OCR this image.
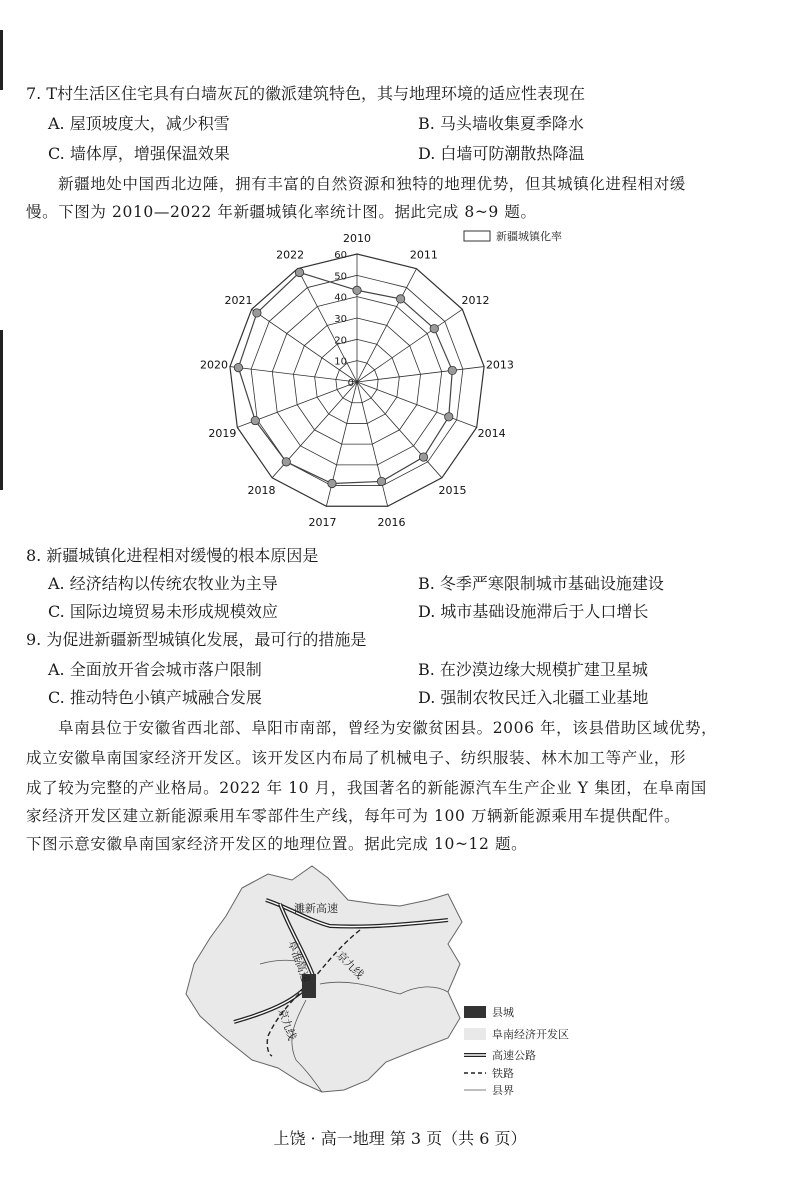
7. T村生活区住宅具有白墙灰瓦的徽派建筑特色，其与地理环境的适应性表现在
A. 屋顶坡度大，减少积雪	B. 马头墙收集夏季降水
C. 墙体厚，增强保温效果	D. 白墙可防潮散热降温
新疆地处中国西北边陲，拥有丰富的自然资源和独特的地理优势，但其城镇化进程相对缓
慢。下图为 2010—2022 年新疆城镇化率统计图。据此完成 8~9 题。
10
20
30
40
50
60
0
2010
2011
2012
2013
2014
2015
2016
2017
2018
2019
2020
2021
2022
新疆城镇化率
8. 新疆城镇化进程相对缓慢的根本原因是
A. 经济结构以传统农牧业为主导	B. 冬季严寒限制城市基础设施建设
C. 国际边境贸易未形成规模效应	D. 城市基础设施滞后于人口增长
9. 为促进新疆新型城镇化发展，最可行的措施是
A. 全面放开省会城市落户限制	B. 在沙漠边缘大规模扩建卫星城
C. 推动特色小镇产城融合发展	D. 强制农牧民迁入北疆工业基地
阜南县位于安徽省西北部、阜阳市南部，曾经为安徽贫困县。2006 年，该县借助区域优势，
成立安徽阜南国家经济开发区。该开发区内布局了机械电子、纺织服装、林木加工等产业，形
成了较为完整的产业格局。2022 年 10 月，我国著名的新能源汽车生产企业 Y 集团，在阜南国
家经济开发区建立新能源乘用车零部件生产线，每年可为 100 万辆新能源乘用车提供配件。
下图示意安徽阜南国家经济开发区的地理位置。据此完成 10~12 题。
濉新高速
阜淮高速 京九线
京九线	县城
阜南经济开发区
高速公路
铁路
县界
上饶 · 高一地理 第 3 页（共 6 页）
